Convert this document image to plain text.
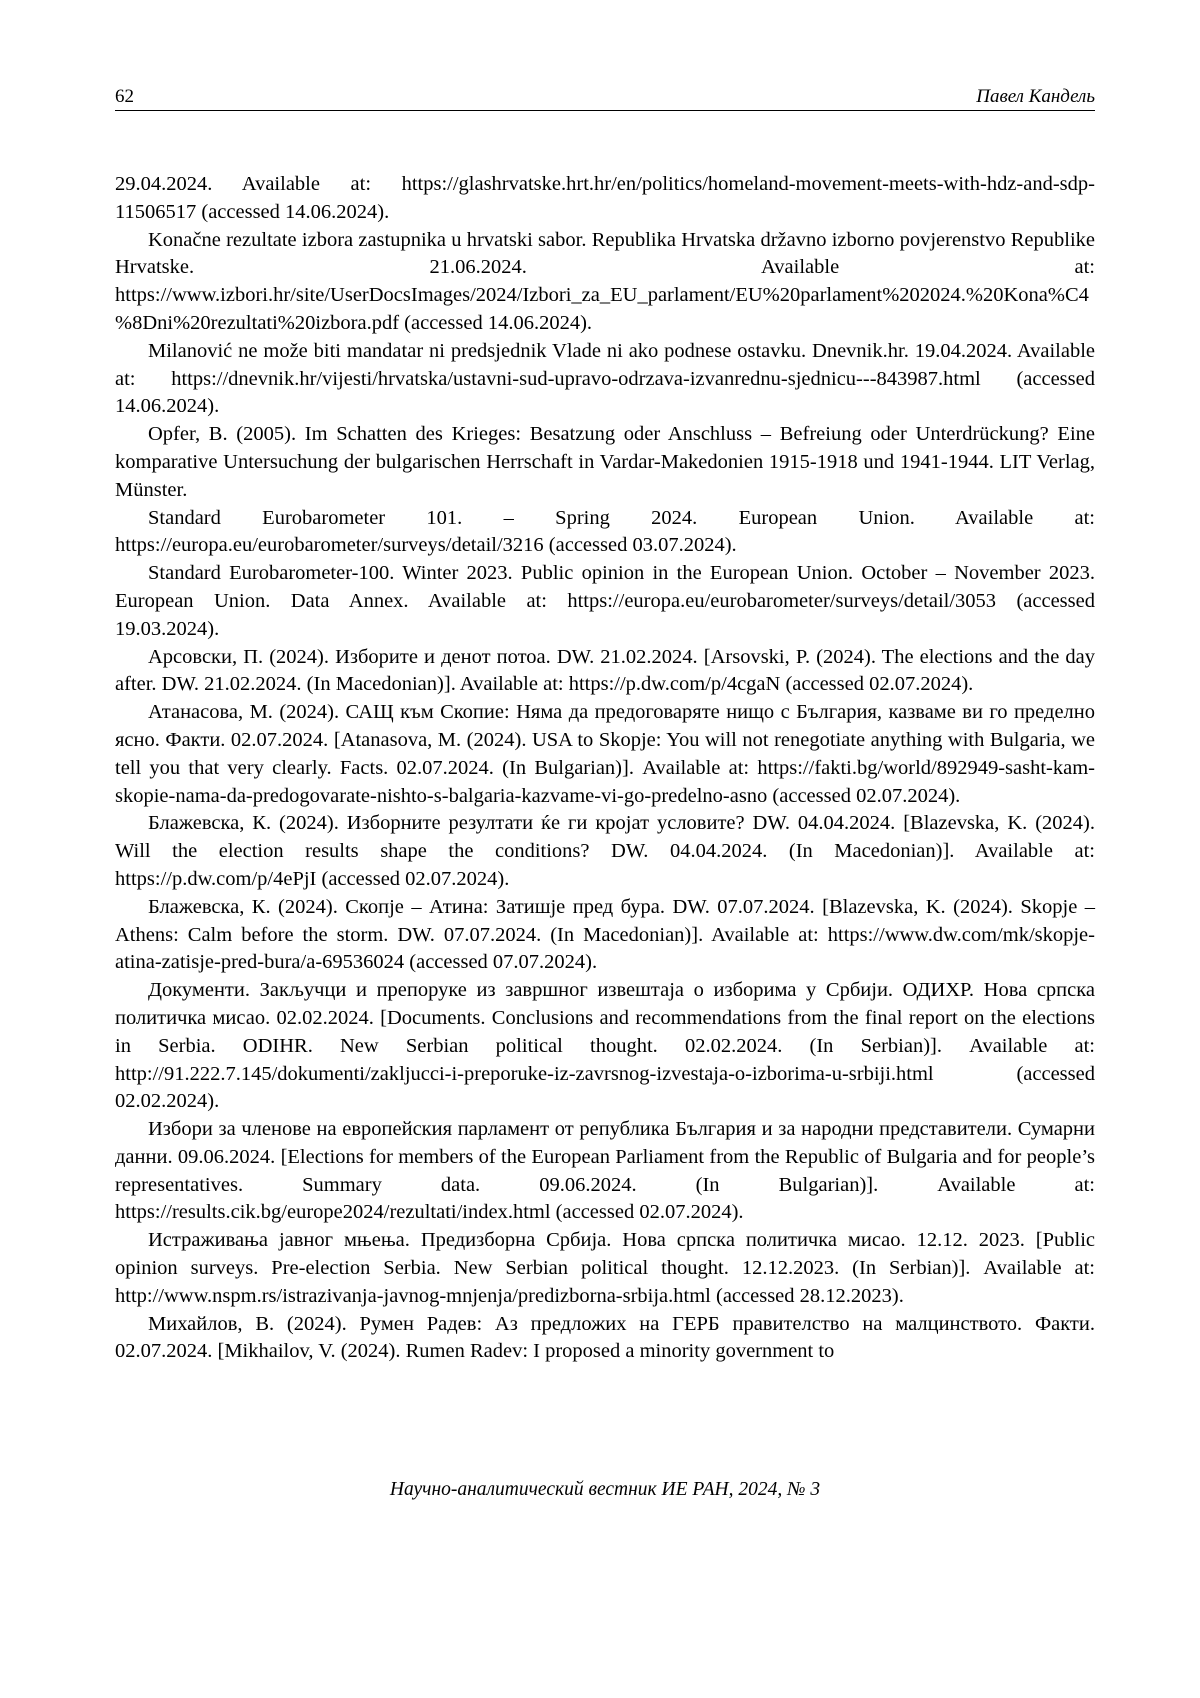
62	Павел Кандель

29.04.2024. Available at: https://glashrvatske.hrt.hr/en/politics/homeland-movement-meets-with-hdz-and-sdp-11506517 (accessed 14.06.2024).

Konačne rezultate izbora zastupnika u hrvatski sabor. Republika Hrvatska državno izborno povjerenstvo Republike Hrvatske. 21.06.2024. Available at: https://www.izbori.hr/site/UserDocsImages/2024/Izbori_za_EU_parlament/EU%20parlament%202024.%20Kona%C4%8Dni%20rezultati%20izbora.pdf (accessed 14.06.2024).

Milanović ne može biti mandatar ni predsjednik Vlade ni ako podnese ostavku. Dnevnik.hr. 19.04.2024. Available at: https://dnevnik.hr/vijesti/hrvatska/ustavni-sud-upravo-odrzava-izvanrednu-sjednicu---843987.html (accessed 14.06.2024).

Opfer, B. (2005). Im Schatten des Krieges: Besatzung oder Anschluss – Befreiung oder Unterdrückung? Eine komparative Untersuchung der bulgarischen Herrschaft in Vardar-Makedonien 1915-1918 und 1941-1944. LIT Verlag, Münster.

Standard Eurobarometer 101. – Spring 2024. European Union. Available at: https://europa.eu/eurobarometer/surveys/detail/3216 (accessed 03.07.2024).

Standard Eurobarometer-100. Winter 2023. Public opinion in the European Union. October – November 2023. European Union. Data Annex. Available at: https://europa.eu/eurobarometer/surveys/detail/3053 (accessed 19.03.2024).

Арсовски, П. (2024). Изборите и денот потоа. DW. 21.02.2024. [Arsovski, P. (2024). The elections and the day after. DW. 21.02.2024. (In Macedonian)]. Available at: https://p.dw.com/p/4cgaN (accessed 02.07.2024).

Атанасова, М. (2024). САЩ към Скопие: Няма да предоговаряте нищо с България, казваме ви го пределно ясно. Факти. 02.07.2024. [Atanasova, M. (2024). USA to Skopje: You will not renegotiate anything with Bulgaria, we tell you that very clearly. Facts. 02.07.2024. (In Bulgarian)]. Available at: https://fakti.bg/world/892949-sasht-kam-skopie-nama-da-predogovarate-nishto-s-balgaria-kazvame-vi-go-predelno-asno (accessed 02.07.2024).

Блажевска, К. (2024). Изборните резултати ќе ги кројат условите? DW. 04.04.2024. [Blazevska, K. (2024). Will the election results shape the conditions? DW. 04.04.2024. (In Macedonian)]. Available at: https://p.dw.com/p/4ePjI (accessed 02.07.2024).

Блажевска, К. (2024). Скопје – Атина: Затишје пред бура. DW. 07.07.2024. [Blazevska, K. (2024). Skopje – Athens: Calm before the storm. DW. 07.07.2024. (In Macedonian)]. Available at: https://www.dw.com/mk/skopje-atina-zatisje-pred-bura/a-69536024 (accessed 07.07.2024).

Документи. Закључци и препоруке из завршног извештаја о изборима у Србији. ОДИХР. Нова српска политичка мисао. 02.02.2024. [Documents. Conclusions and recommendations from the final report on the elections in Serbia. ODIHR. New Serbian political thought. 02.02.2024. (In Serbian)]. Available at: http://91.222.7.145/dokumenti/zakljucci-i-preporuke-iz-zavrsnog-izvestaja-o-izborima-u-srbiji.html (accessed 02.02.2024).

Избори за членове на европейския парламент от република България и за народни представители. Сумарни данни. 09.06.2024. [Elections for members of the European Parliament from the Republic of Bulgaria and for people’s representatives. Summary data. 09.06.2024. (In Bulgarian)]. Available at: https://results.cik.bg/europe2024/rezultati/index.html (accessed 02.07.2024).

Истраживања јавног мњења. Предизборна Србија. Нова српска политичка мисао. 12.12. 2023. [Public opinion surveys. Pre-election Serbia. New Serbian political thought. 12.12.2023. (In Serbian)]. Available at: http://www.nspm.rs/istrazivanja-javnog-mnjenja/predizborna-srbija.html (accessed 28.12.2023).

Михайлов, В. (2024). Румен Радев: Аз предложих на ГЕРБ правителство на малцинството. Факти. 02.07.2024. [Mikhailov, V. (2024). Rumen Radev: I proposed a minority government to

Научно-аналитический вестник ИЕ РАН, 2024, № 3
